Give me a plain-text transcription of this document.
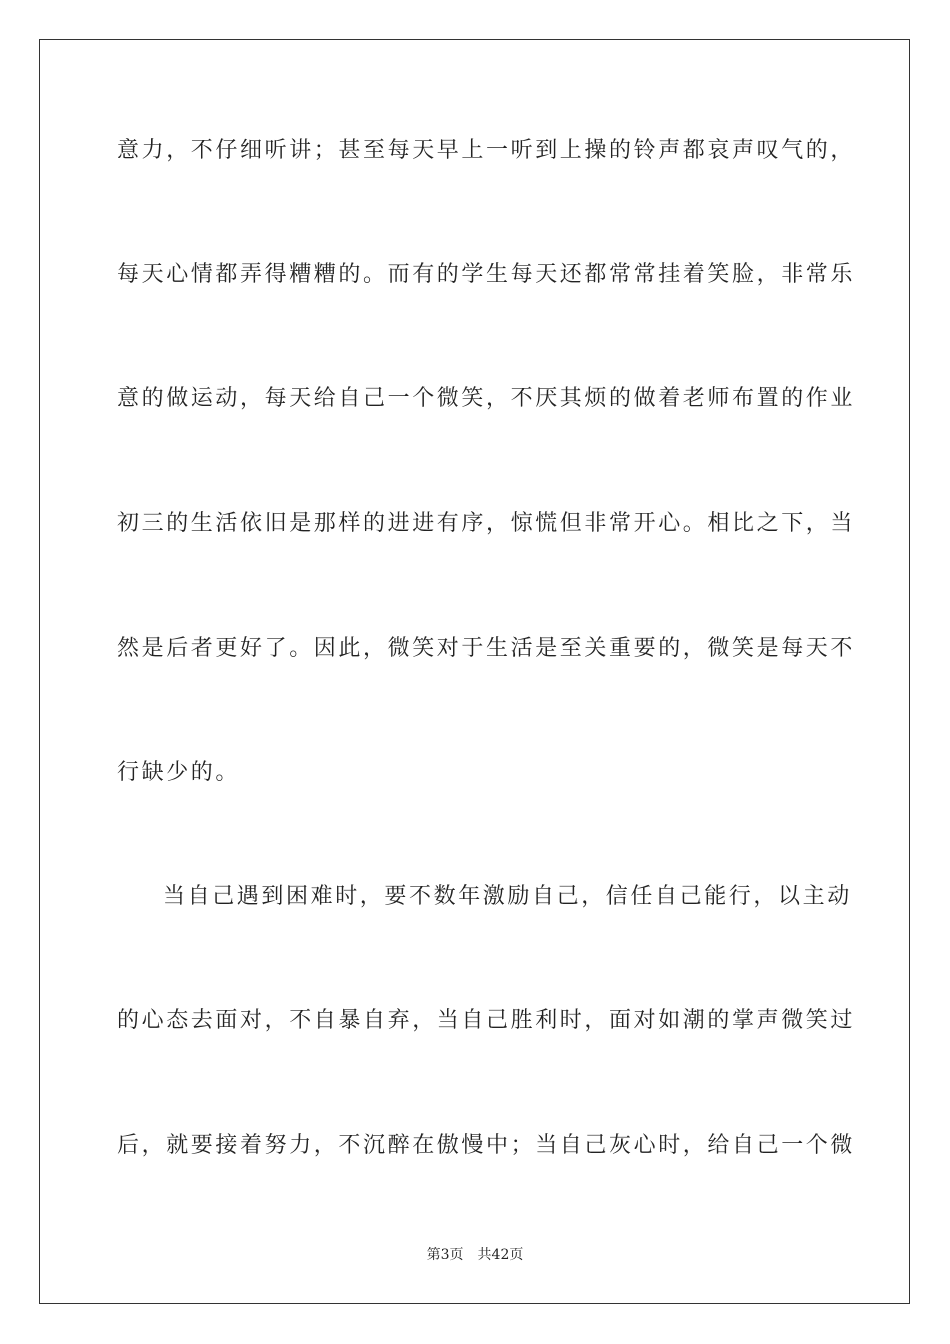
意力，不仔细听讲；甚至每天早上一听到上操的铃声都哀声叹气的，
每天心情都弄得糟糟的。而有的学生每天还都常常挂着笑脸，非常乐
意的做运动，每天给自己一个微笑，不厌其烦的做着老师布置的作业
初三的生活依旧是那样的进进有序，惊慌但非常开心。相比之下，当
然是后者更好了。因此，微笑对于生活是至关重要的，微笑是每天不
行缺少的。
当自己遇到困难时，要不数年激励自己，信任自己能行，以主动
的心态去面对，不自暴自弃，当自己胜利时，面对如潮的掌声微笑过
后，就要接着努力，不沉醉在傲慢中；当自己灰心时，给自己一个微
第3页　共42页
